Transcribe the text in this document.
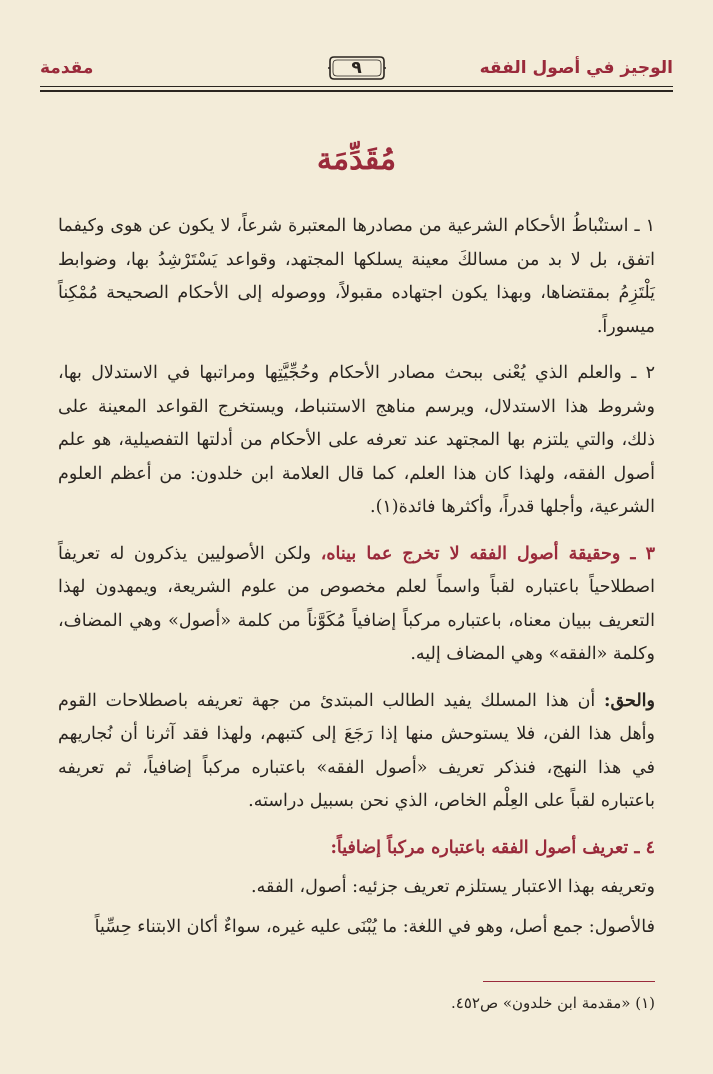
الوجيز في أصول الفقه
٩
مقدمة
مُقَدِّمَة

١ ـ استنْباطُ الأحكام الشرعية من مصادرها المعتبرة شرعاً، لا يكون عن هوى وكيفما اتفق، بل لا بد من مسالكَ معينة يسلكها المجتهد، وقواعد يَسْتَرْشِدُ بها، وضوابط يَلْتَزِمُ بمقتضاها، وبهذا يكون اجتهاده مقبولاً، ووصوله إلى الأحكام الصحيحة مُمْكِناً ميسوراً.

٢ ـ والعلم الذي يُعْنى ببحث مصادر الأحكام وحُجِّيَّتِها ومراتبها في الاستدلال بها، وشروط هذا الاستدلال، ويرسم مناهج الاستنباط، ويستخرج القواعد المعينة على ذلك، والتي يلتزم بها المجتهد عند تعرفه على الأحكام من أدلتها التفصيلية، هو علم أصول الفقه، ولهذا كان هذا العلم، كما قال العلامة ابن خلدون: من أعظم العلوم الشرعية، وأجلها قدراً، وأكثرها فائدة(١).

٣ ـ وحقيقة أصول الفقه لا تخرج عما بيناه، ولكن الأصوليين يذكرون له تعريفاً اصطلاحياً باعتباره لقباً واسماً لعلم مخصوص من علوم الشريعة، ويمهدون لهذا التعريف ببيان معناه، باعتباره مركباً إضافياً مُكَوَّناً من كلمة «أصول» وهي المضاف، وكلمة «الفقه» وهي المضاف إليه.

والحق: أن هذا المسلك يفيد الطالب المبتدئ من جهة تعريفه باصطلاحات القوم وأهل هذا الفن، فلا يستوحش منها إذا رَجَعَ إلى كتبهم، ولهذا فقد آثرنا أن نُجاريهم في هذا النهج، فنذكر تعريف «أصول الفقه» باعتباره مركباً إضافياً، ثم تعريفه باعتباره لقباً على العِلْم الخاص، الذي نحن بسبيل دراسته.

٤ ـ تعريف أصول الفقه باعتباره مركباً إضافياً:

وتعريفه بهذا الاعتبار يستلزم تعريف جزئيه: أصول، الفقه.

فالأصول: جمع أصل، وهو في اللغة: ما يُبْنَى عليه غيره، سواءٌ أكان الابتناء حِسِّياً

(١) «مقدمة ابن خلدون» ص٤٥٢.
